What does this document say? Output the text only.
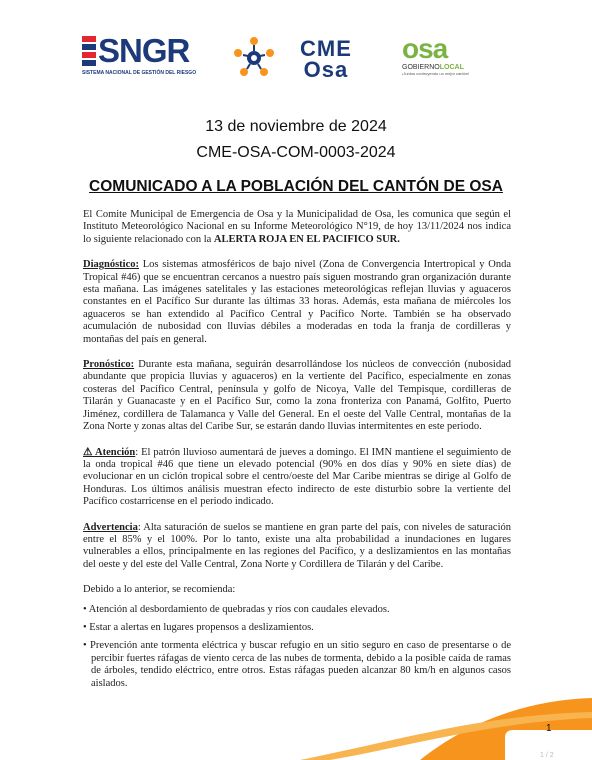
SNGR
SISTEMA NACIONAL DE GESTIÓN DEL RIESGO
CME
Osa
osa
GOBIERNOLOCAL
¡Juntos contruyendo un mejor cantón!
13 de noviembre de 2024
CME-OSA-COM-0003-2024
COMUNICADO A LA POBLACIÓN DEL CANTÓN DE OSA

El Comite Municipal de Emergencia de Osa y la Municipalidad de Osa, les comunica que según el Instituto Meteorológico Nacional en su Informe Meteorológico N°19, de hoy 13/11/2024 nos indica lo siguiente relacionado con la ALERTA ROJA EN EL PACIFICO SUR.

Diagnóstico: Los sistemas atmosféricos de bajo nivel (Zona de Convergencia Intertropical y Onda Tropical #46) que se encuentran cercanos a nuestro país siguen mostrando gran organización durante esta mañana. Las imágenes satelitales y las estaciones meteorológicas reflejan lluvias y aguaceros constantes en el Pacífico Sur durante las últimas 33 horas. Además, esta mañana de miércoles los aguaceros se han extendido al Pacífico Central y Pacífico Norte. También se ha observado acumulación de nubosidad con lluvias débiles a moderadas en toda la franja de cordilleras y montañas del país en general.

Pronóstico: Durante esta mañana, seguirán desarrollándose los núcleos de convección (nubosidad abundante que propicia lluvias y aguaceros) en la vertiente del Pacífico, especialmente en zonas costeras del Pacífico Central, península y golfo de Nicoya, Valle del Tempisque, cordilleras de Tilarán y Guanacaste y en el Pacífico Sur, como la zona fronteriza con Panamá, Golfito, Puerto Jiménez, cordillera de Talamanca y Valle del General. En el oeste del Valle Central, montañas de la Zona Norte y zonas altas del Caribe Sur, se estarán dando lluvias intermitentes en este periodo.

⚠ Atención: El patrón lluvioso aumentará de jueves a domingo. El IMN mantiene el seguimiento de la onda tropical #46 que tiene un elevado potencial (90% en dos días y 90% en siete días) de evolucionar en un ciclón tropical sobre el centro/oeste del Mar Caribe mientras se dirige al Golfo de Honduras. Los últimos análisis muestran efecto indirecto de este disturbio sobre la vertiente del Pacífico costarricense en el periodo indicado.

Advertencia: Alta saturación de suelos se mantiene en gran parte del país, con niveles de saturación entre el 85% y el 100%. Por lo tanto, existe una alta probabilidad a inundaciones en lugares vulnerables a ellos, principalmente en las regiones del Pacífico, y a deslizamientos en las montañas del oeste y del este del Valle Central, Zona Norte y Cordillera de Tilarán y del Caribe.

Debido a lo anterior, se recomienda:

• Atención al desbordamiento de quebradas y ríos con caudales elevados.
• Estar a alertas en lugares propensos a deslizamientos.
• Prevención ante tormenta eléctrica y buscar refugio en un sitio seguro en caso de presentarse o de percibir fuertes ráfagas de viento cerca de las nubes de tormenta, debido a la posible caída de ramas de árboles, tendido eléctrico, entre otros. Estas ráfagas pueden alcanzar 80 km/h en algunos casos aislados.
1
1 / 2
